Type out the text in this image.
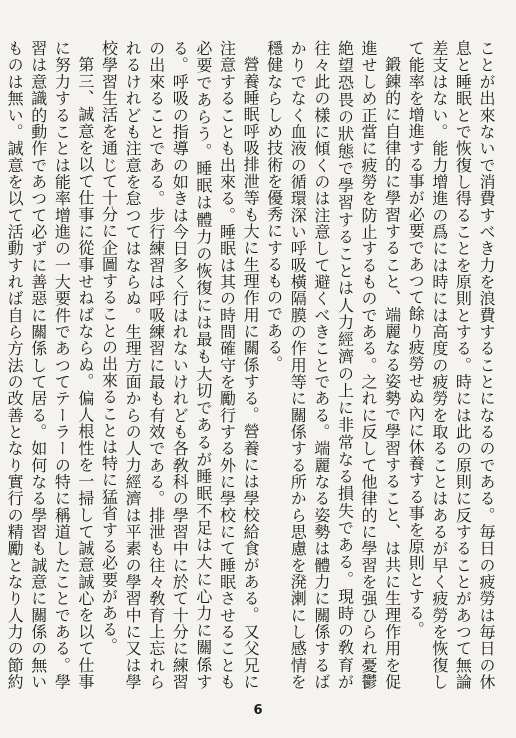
ことが出來ないで消費すべき力を浪費することになるのである。毎日の疲勞は毎日の休息と睡眠とで恢復し得ることを原則とする。時には此の原則に反することがあつて無論差支はない。能力增進の爲には時には高度の疲勞を取ることはあるが早く疲勞を恢復して能率を增進する事が必要であつて餘り疲勞せぬ內に休養する事を原則とする。

鍛錬的に自律的に學習すること、端麗なる姿勢で學習すること、は共に生理作用を促進せしめ正當に疲勞を防止するものである。之れに反して他律的に學習を强ひられ憂鬱絶望恐畏の狀態で學習することは人力經濟の上に非常なる損失である。現時の敎育が往々此の樣に傾くのは注意して避くべきことである。端麗なる姿勢は體力に關係するばかりでなく血液の循環深い呼吸橫隔膜の作用等に關係する所から思慮を溌溂にし感情を穩健ならしめ技術を優秀にするものである。

營養睡眠呼吸排泄等も大に生理作用に關係する。營養には學校給食がある。又父兄に注意することも出來る。睡眠は其の時間確守を勵行する外に學校にて睡眠させることも必要であらう。睡眠は體力の恢復には最も大切であるが睡眠不足は大に心力に關係する。呼吸の指導の如きは今日多く行はれないけれども各敎科の學習中に於て十分に練習の出來ることである。步行練習は呼吸練習に最も有效である。排泄も往々敎育上忘れられるけれども注意を怠つてはならぬ。生理方面からの人力經濟は平素の學習中に又は學校學習生活を通じて十分に企圖することの出來ることは特に猛省する必要がある。

第三、誠意を以て仕事に從事せねばならぬ。偏人根性を一掃して誠意誠心を以て仕事に努力することは能率增進の一大要件であつてテーラーの特に稱道したことである。學習は意識的動作であつて必ずに善惡に關係して居る。如何なる學習も誠意に關係の無いものは無い。誠意を以て活動すれば自ら方法の改善となり實行の精勵となり人力の節約

6
